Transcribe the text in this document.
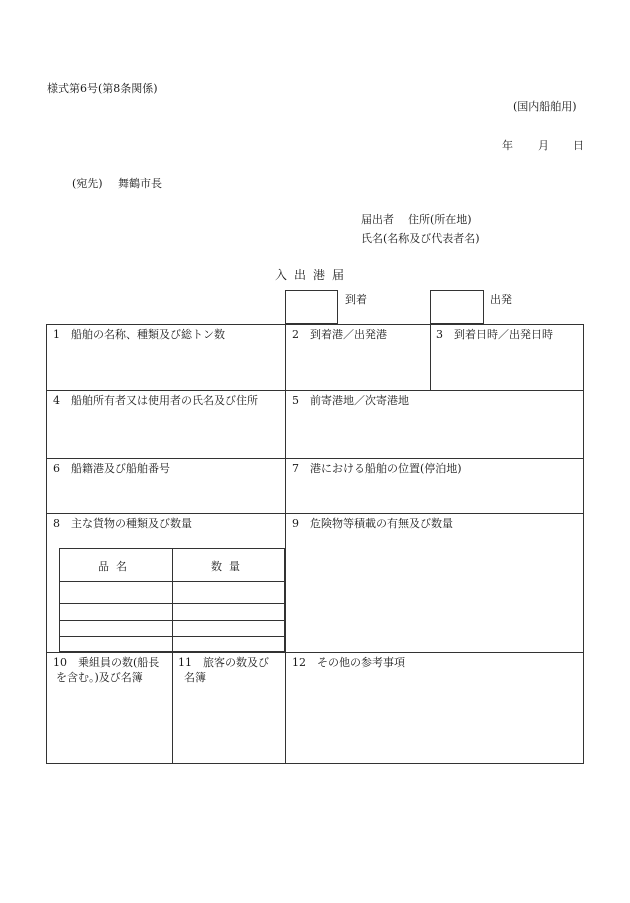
様式第6号(第8条関係)
(国内船舶用)
年 月 日
(宛先) 舞鶴市長
届出者 住所(所在地)
氏名(名称及び代表者名)
入出港届
到着	出発
1　船舶の名称、種類及び総トン数	2　到着港／出発港	3　到着日時／出発日時
4　船舶所有者又は使用者の氏名及び住所	5　前寄港地／次寄港地
6　船籍港及び船舶番号	7　港における船舶の位置(停泊地)
8　主な貨物の種類及び数量	9　危険物等積載の有無及び数量
10　乗組員の数(船長
を含む。)及び名簿
11　旅客の数及び
名簿
12　その他の参考事項
品名	数量
